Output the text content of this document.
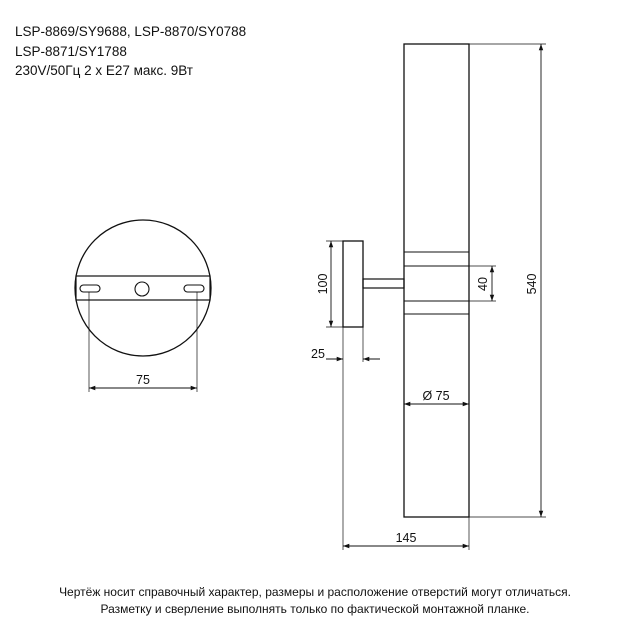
LSP-8869/SY9688, LSP-8870/SY0788
LSP-8871/SY1788
230V/50Гц 2 х E27 макс. 9Вт
75
100
25
40
Ø 75
540
145
Чертёж носит справочный характер, размеры и расположение отверстий могут отличаться.
Разметку и сверление выполнять только по фактической монтажной планке.
